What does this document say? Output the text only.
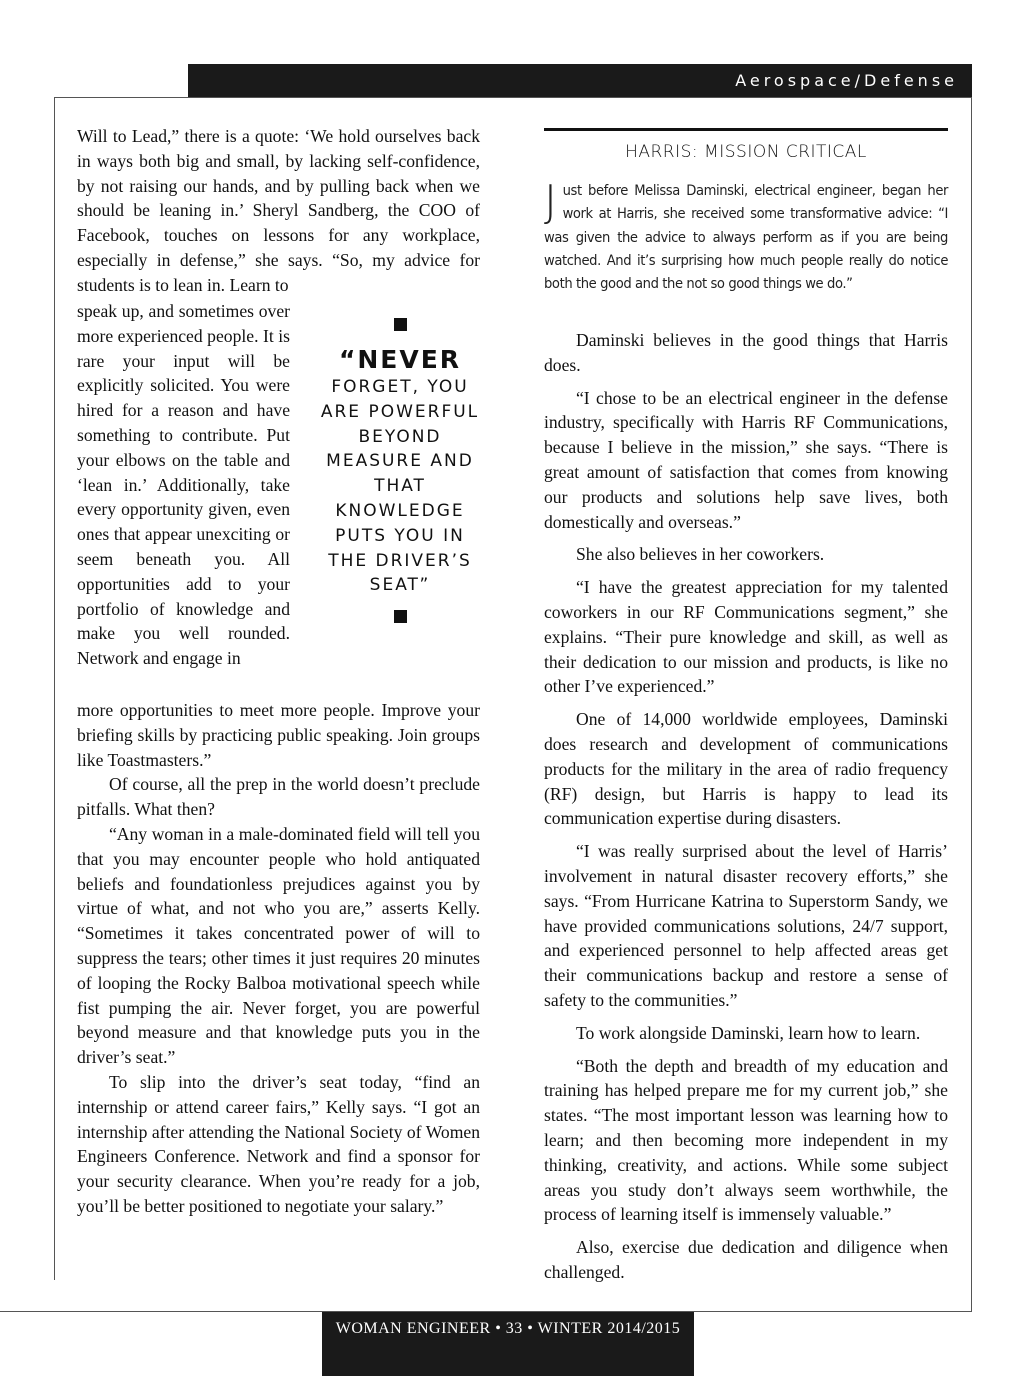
Aerospace/Defense

Will to Lead,” there is a quote: ‘We hold ourselves back in ways both big and small, by lacking self-confidence, by not raising our hands, and by pulling back when we should be leaning in.’ Sheryl Sandberg, the COO of Facebook, touches on lessons for any workplace, especially in defense,” she says. “So, my advice for students is to lean in. Learn to

speak up, and sometimes over more experienced people. It is rare your input will be explicitly solicited. You were hired for a reason and have something to contribute. Put your elbows on the table and ‘lean in.’ Additionally, take every opportunity given, even ones that appear unexciting or seem beneath you. All opportunities add to your portfolio of knowledge and make you well rounded. Network and engage in

“NEVER
FORGET, YOU ARE POWERFUL BEYOND MEASURE AND THAT KNOWLEDGE PUTS YOU IN THE DRIVER’S SEAT”

more opportunities to meet more people. Improve your briefing skills by practicing public speaking. Join groups like Toastmasters.”

Of course, all the prep in the world doesn’t preclude pitfalls. What then?

“Any woman in a male-dominated field will tell you that you may encounter people who hold antiquated beliefs and foundationless prejudices against you by virtue of what, and not who you are,” asserts Kelly. “Sometimes it takes concentrated power of will to suppress the tears; other times it just requires 20 minutes of looping the Rocky Balboa motivational speech while fist pumping the air. Never forget, you are powerful beyond measure and that knowledge puts you in the driver’s seat.”

To slip into the driver’s seat today, “find an internship or attend career fairs,” Kelly says. “I got an internship after attending the National Society of Women Engineers Conference. Network and find a sponsor for your security clearance. When you’re ready for a job, you’ll be better positioned to negotiate your salary.”

HARRIS: MISSION CRITICAL
J ust before Melissa Daminski, electrical engineer, began her work at Harris, she received some transformative advice: “I was given the advice to always perform as if you are being watched. And it’s surprising how much people really do notice both the good and the not so good things we do.”

Daminski believes in the good things that Harris does.

“I chose to be an electrical engineer in the defense industry, specifically with Harris RF Communications, because I believe in the mission,” she says. “There is great amount of satisfaction that comes from knowing our products and solutions help save lives, both domestically and overseas.”

She also believes in her coworkers.

“I have the greatest appreciation for my talented coworkers in our RF Communications segment,” she explains. “Their pure knowledge and skill, as well as their dedication to our mission and products, is like no other I’ve experienced.”

One of 14,000 worldwide employees, Daminski does research and development of communications products for the military in the area of radio frequency (RF) design, but Harris is happy to lead its communication expertise during disasters.

“I was really surprised about the level of Harris’ involvement in natural disaster recovery efforts,” she says. “From Hurricane Katrina to Superstorm Sandy, we have provided communications solutions, 24/7 support, and experienced personnel to help affected areas get their communications backup and restore a sense of safety to the communities.”

To work alongside Daminski, learn how to learn.

“Both the depth and breadth of my education and training has helped prepare me for my current job,” she states. “The most important lesson was learning how to learn; and then becoming more independent in my thinking, creativity, and actions. While some subject areas you study don’t always seem worthwhile, the process of learning itself is immensely valuable.”

Also, exercise due dedication and diligence when challenged.

WOMAN ENGINEER • 33 • WINTER 2014/2015
